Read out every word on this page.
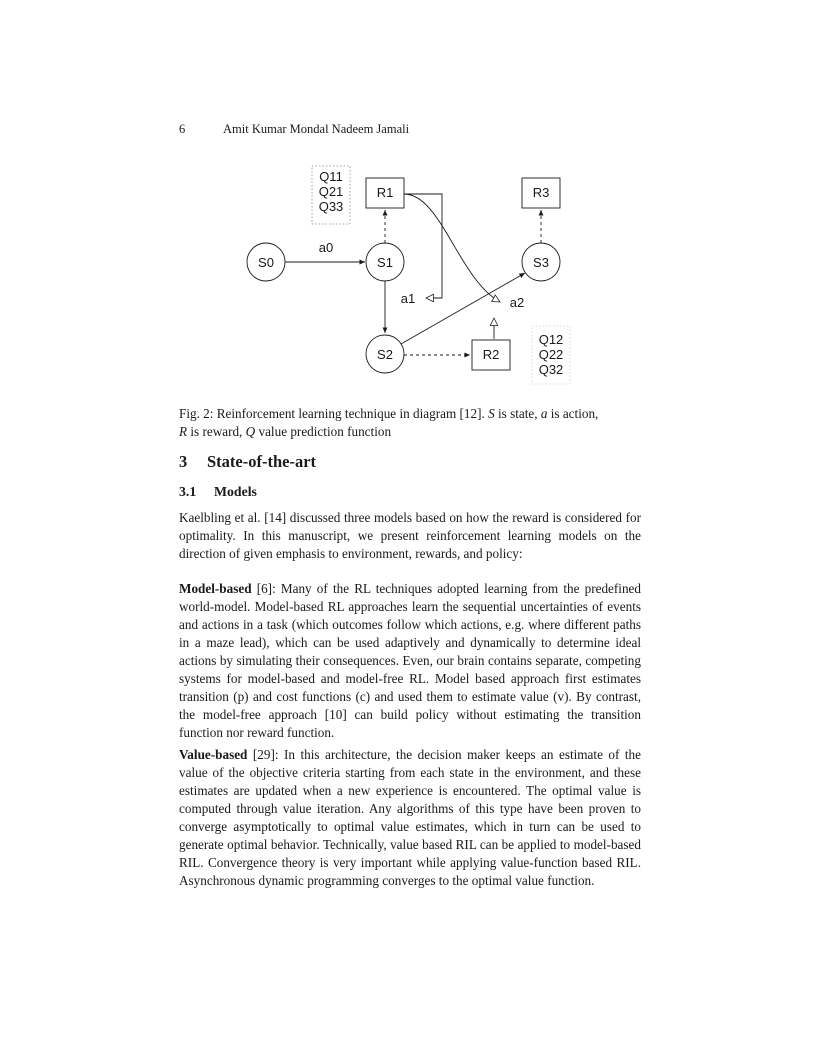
6	Amit Kumar Mondal Nadeem Jamali
Q11
Q21
Q33
R1	R3
S0	S1	S3
S2	R2
Q12
Q22
Q32
a0
a1	a2
Fig. 2: Reinforcement learning technique in diagram [12]. S is state, a is action,
R is reward, Q value prediction function
3 State-of-the-art
3.1 Models

Kaelbling et al. [14] discussed three models based on how the reward is considered for optimality. In this manuscript, we present reinforcement learning models on the direction of given emphasis to environment, rewards, and policy:

Model-based [6]: Many of the RL techniques adopted learning from the predefined world-model. Model-based RL approaches learn the sequential uncertainties of events and actions in a task (which outcomes follow which actions, e.g. where different paths in a maze lead), which can be used adaptively and dynamically to determine ideal actions by simulating their consequences. Even, our brain contains separate, competing systems for model-based and model-free RL. Model based approach first estimates transition (p) and cost functions (c) and used them to estimate value (v). By contrast, the model-free approach [10] can build policy without estimating the transition function nor reward function.

Value-based [29]: In this architecture, the decision maker keeps an estimate of the value of the objective criteria starting from each state in the environment, and these estimates are updated when a new experience is encountered. The optimal value is computed through value iteration. Any algorithms of this type have been proven to converge asymptotically to optimal value estimates, which in turn can be used to generate optimal behavior. Technically, value based RIL can be applied to model-based RIL. Convergence theory is very important while applying value-function based RIL. Asynchronous dynamic programming converges to the optimal value function.
